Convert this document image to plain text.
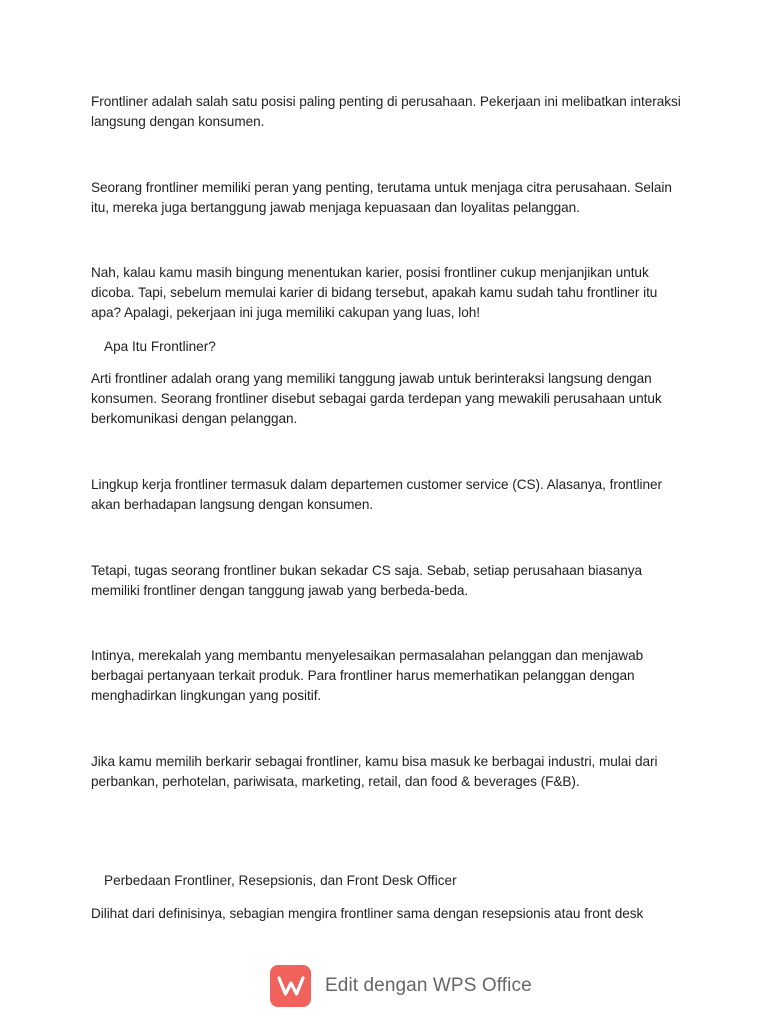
Frontliner adalah salah satu posisi paling penting di perusahaan. Pekerjaan ini melibatkan interaksi langsung dengan konsumen.

Seorang frontliner memiliki peran yang penting, terutama untuk menjaga citra perusahaan. Selain itu, mereka juga bertanggung jawab menjaga kepuasaan dan loyalitas pelanggan.

Nah, kalau kamu masih bingung menentukan karier, posisi frontliner cukup menjanjikan untuk dicoba. Tapi, sebelum memulai karier di bidang tersebut, apakah kamu sudah tahu frontliner itu apa? Apalagi, pekerjaan ini juga memiliki cakupan yang luas, loh!

Apa Itu Frontliner?

Arti frontliner adalah orang yang memiliki tanggung jawab untuk berinteraksi langsung dengan konsumen. Seorang frontliner disebut sebagai garda terdepan yang mewakili perusahaan untuk berkomunikasi dengan pelanggan.

Lingkup kerja frontliner termasuk dalam departemen customer service (CS). Alasanya, frontliner akan berhadapan langsung dengan konsumen.

Tetapi, tugas seorang frontliner bukan sekadar CS saja. Sebab, setiap perusahaan biasanya memiliki frontliner dengan tanggung jawab yang berbeda-beda.

Intinya, merekalah yang membantu menyelesaikan permasalahan pelanggan dan menjawab berbagai pertanyaan terkait produk. Para frontliner harus memerhatikan pelanggan dengan menghadirkan lingkungan yang positif.

Jika kamu memilih berkarir sebagai frontliner, kamu bisa masuk ke berbagai industri, mulai dari perbankan, perhotelan, pariwisata, marketing, retail, dan food & beverages (F&B).

Perbedaan Frontliner, Resepsionis, dan Front Desk Officer

Dilihat dari definisinya, sebagian mengira frontliner sama dengan resepsionis atau front desk

Edit dengan WPS Office
